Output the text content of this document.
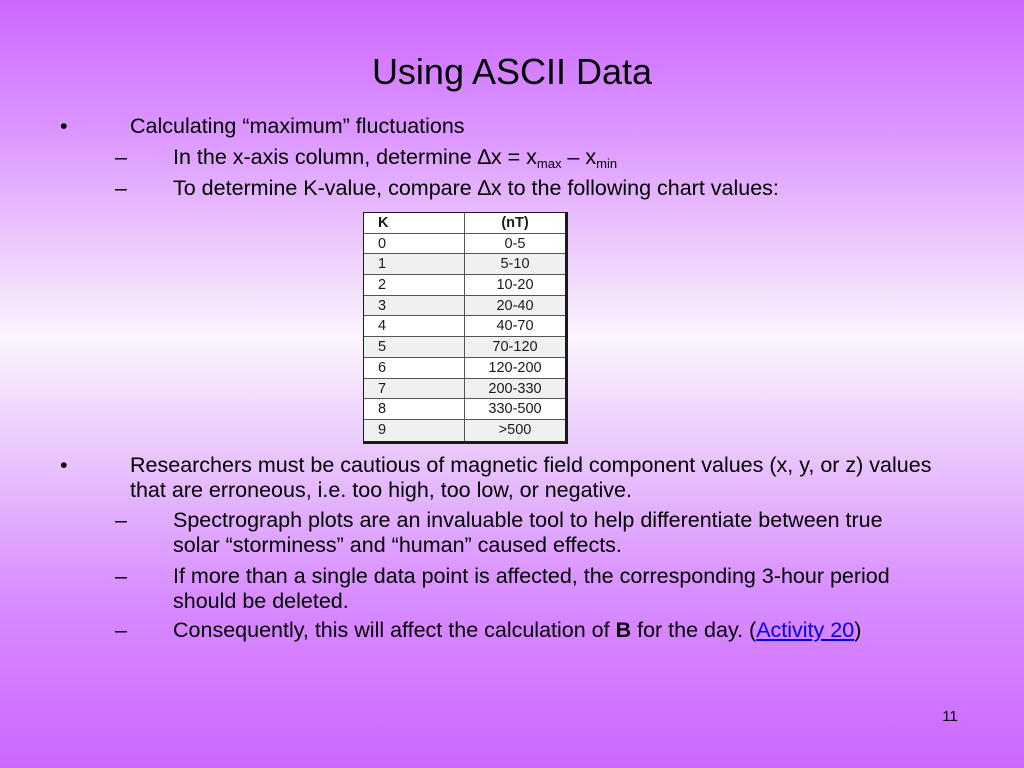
Using ASCII Data
•	Calculating “maximum” fluctuations
– In the x-axis column, determine $\Delta x = x_{max} - x_{min}$
– To determine K-value, compare ∆x to the following chart values:
K	(nT)
0	0-5
1	5-10
2	10-20
3	20-40
4	40-70
5	70-120
6	120-200
7	200-330
8	330-500
9	>500
•	Researchers must be cautious of magnetic field component values (x, y, or z) values that are erroneous, i.e. too high, too low, or negative.
– Spectrograph plots are an invaluable tool to help differentiate between true solar “storminess” and “human” caused effects.
– If more than a single data point is affected, the corresponding 3-hour period should be deleted.
– Consequently, this will affect the calculation of B for the day. (Activity 20)
11
